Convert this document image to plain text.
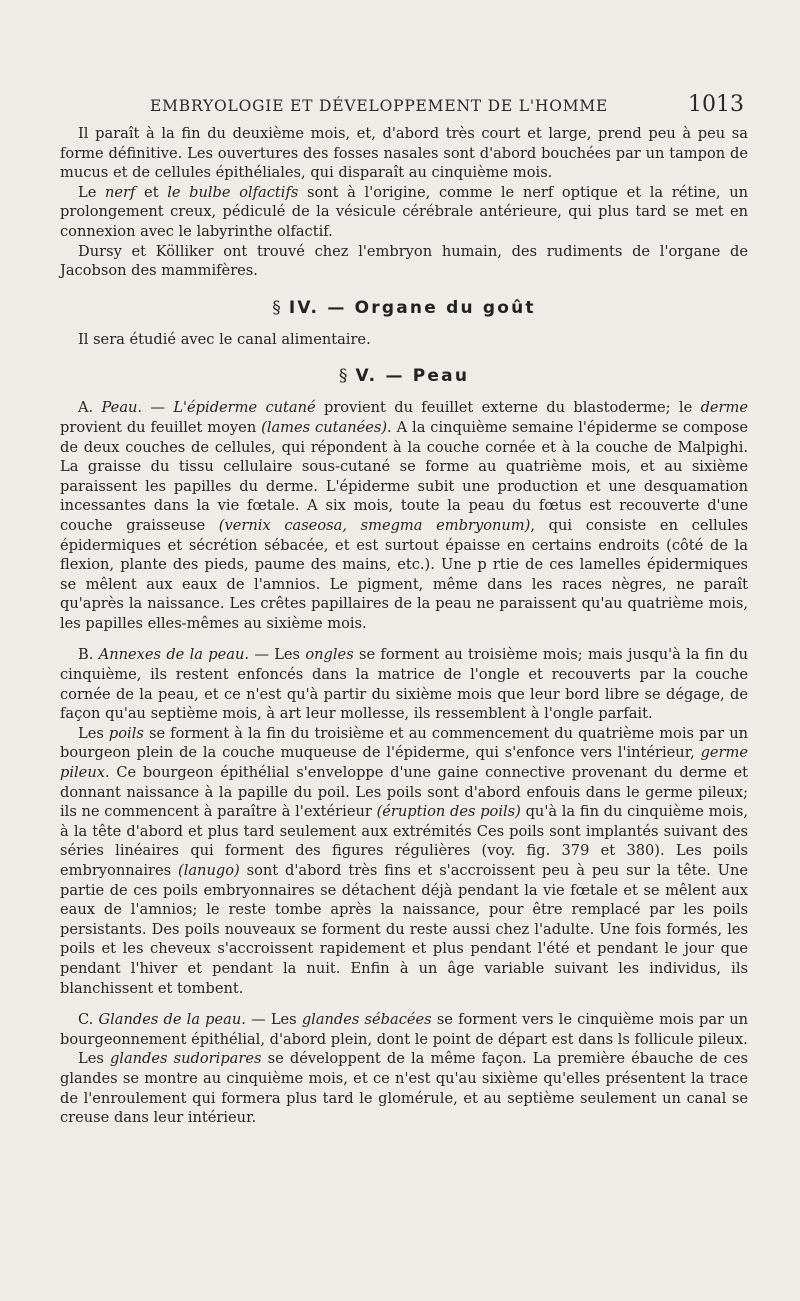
EMBRYOLOGIE ET DÉVELOPPEMENT DE L'HOMME	1013

Il paraît à la fin du deuxième mois, et, d'abord très court et large, prend peu à peu sa forme définitive. Les ouvertures des fosses nasales sont d'abord bouchées par un tampon de mucus et de cellules épithéliales, qui disparaît au cinquième mois.

Le nerf et le bulbe olfactifs sont à l'origine, comme le nerf optique et la rétine, un prolongement creux, pédiculé de la vésicule cérébrale antérieure, qui plus tard se met en connexion avec le labyrinthe olfactif.

Dursy et Kölliker ont trouvé chez l'embryon humain, des rudiments de l'organe de Jacobson des mammifères.

§ IV. — Organe du goût

Il sera étudié avec le canal alimentaire.

§ V. — Peau

A. Peau. — L'épiderme cutané provient du feuillet externe du blastoderme; le derme provient du feuillet moyen (lames cutanées). A la cinquième semaine l'épiderme se compose de deux couches de cellules, qui répondent à la couche cornée et à la couche de Malpighi. La graisse du tissu cellulaire sous-cutané se forme au quatrième mois, et au sixième paraissent les papilles du derme. L'épiderme subit une production et une desquamation incessantes dans la vie fœtale. A six mois, toute la peau du fœtus est recouverte d'une couche graisseuse (vernix caseosa, smegma embryonum), qui consiste en cellules épidermiques et sécrétion sébacée, et est surtout épaisse en certains endroits (côté de la flexion, plante des pieds, paume des mains, etc.). Une p rtie de ces lamelles épidermiques se mêlent aux eaux de l'amnios. Le pigment, même dans les races nègres, ne paraît qu'après la naissance. Les crêtes papillaires de la peau ne paraissent qu'au quatrième mois, les papilles elles-mêmes au sixième mois.

B. Annexes de la peau. — Les ongles se forment au troisième mois; mais jusqu'à la fin du cinquième, ils restent enfoncés dans la matrice de l'ongle et recouverts par la couche cornée de la peau, et ce n'est qu'à partir du sixième mois que leur bord libre se dégage, de façon qu'au septième mois, à art leur mollesse, ils ressemblent à l'ongle parfait.

Les poils se forment à la fin du troisième et au commencement du quatrième mois par un bourgeon plein de la couche muqueuse de l'épiderme, qui s'enfonce vers l'intérieur, germe pileux. Ce bourgeon épithélial s'enveloppe d'une gaine connective provenant du derme et donnant naissance à la papille du poil. Les poils sont d'abord enfouis dans le germe pileux; ils ne commencent à paraître à l'extérieur (éruption des poils) qu'à la fin du cinquième mois, à la tête d'abord et plus tard seulement aux extrémités Ces poils sont implantés suivant des séries linéaires qui forment des figures régulières (voy. fig. 379 et 380). Les poils embryonnaires (lanugo) sont d'abord très fins et s'accroissent peu à peu sur la tête. Une partie de ces poils embryonnaires se détachent déjà pendant la vie fœtale et se mêlent aux eaux de l'amnios; le reste tombe après la naissance, pour être remplacé par les poils persistants. Des poils nouveaux se forment du reste aussi chez l'adulte. Une fois formés, les poils et les cheveux s'accroissent rapidement et plus pendant l'été et pendant le jour que pendant l'hiver et pendant la nuit. Enfin à un âge variable suivant les individus, ils blanchissent et tombent.

C. Glandes de la peau. — Les glandes sébacées se forment vers le cinquième mois par un bourgeonnement épithélial, d'abord plein, dont le point de départ est dans ls follicule pileux.

Les glandes sudoripares se développent de la même façon. La première ébauche de ces glandes se montre au cinquième mois, et ce n'est qu'au sixième qu'elles présentent la trace de l'enroulement qui formera plus tard le glomérule, et au septième seulement un canal se creuse dans leur intérieur.
